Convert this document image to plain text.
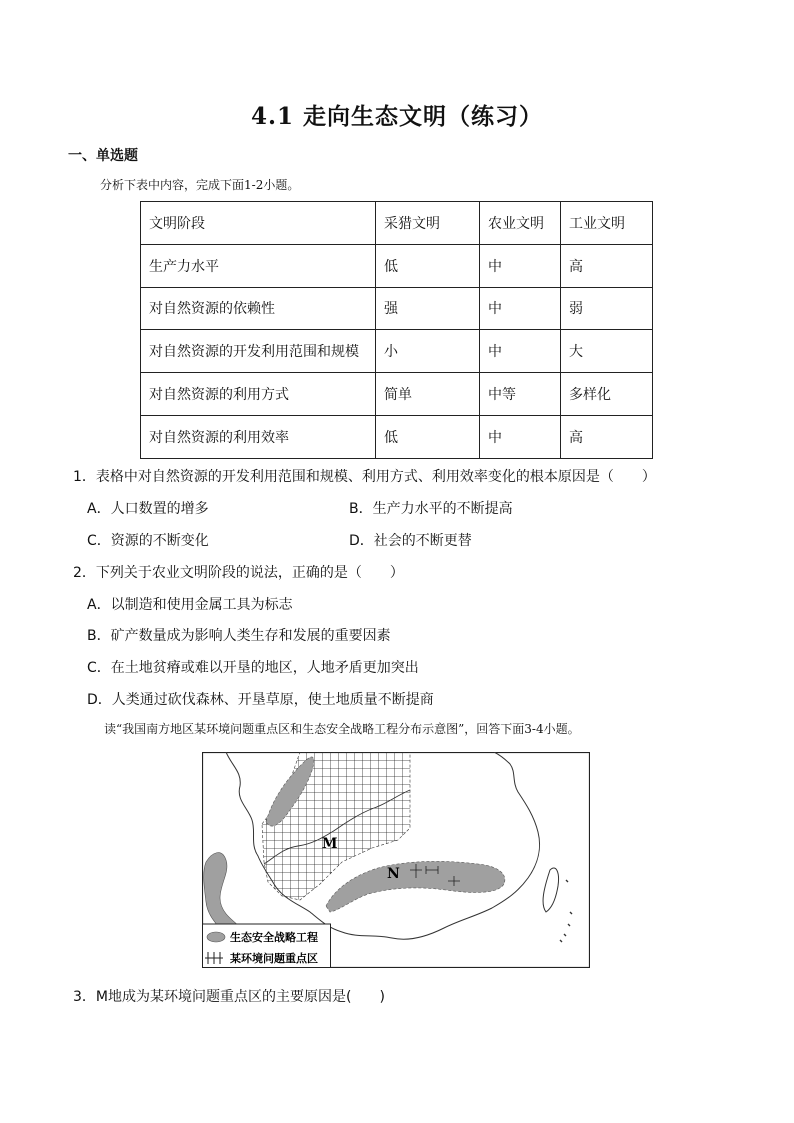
4.1 走向生态文明（练习）
一、单选题
分析下表中内容，完成下面1-2小题。
文明阶段	采猎文明	农业文明	工业文明
生产力水平	低	中	高
对自然资源的依赖性	强	中	弱
对自然资源的开发利用范围和规模	小	中	大
对自然资源的利用方式	简单	中等	多样化
对自然资源的利用效率	低	中	高
1．表格中对自然资源的开发利用范围和规模、利用方式、利用效率变化的根本原因是（　　）
A．人口数置的增多	B．生产力水平的不断提高
C．资源的不断变化	D．社会的不断更替
2．下列关于农业文明阶段的说法，正确的是（　　）
A．以制造和使用金属工具为标志
B．矿产数量成为影响人类生存和发展的重要因素
C．在土地贫瘠或难以开垦的地区，人地矛盾更加突出
D．人类通过砍伐森林、开垦草原，使土地质量不断提商
读“我国南方地区某环境问题重点区和生态安全战略工程分布示意图”，回答下面3-4小题。
M
N
生态安全战略工程
某环境问题重点区
3．M地成为某环境问题重点区的主要原因是(　　)
